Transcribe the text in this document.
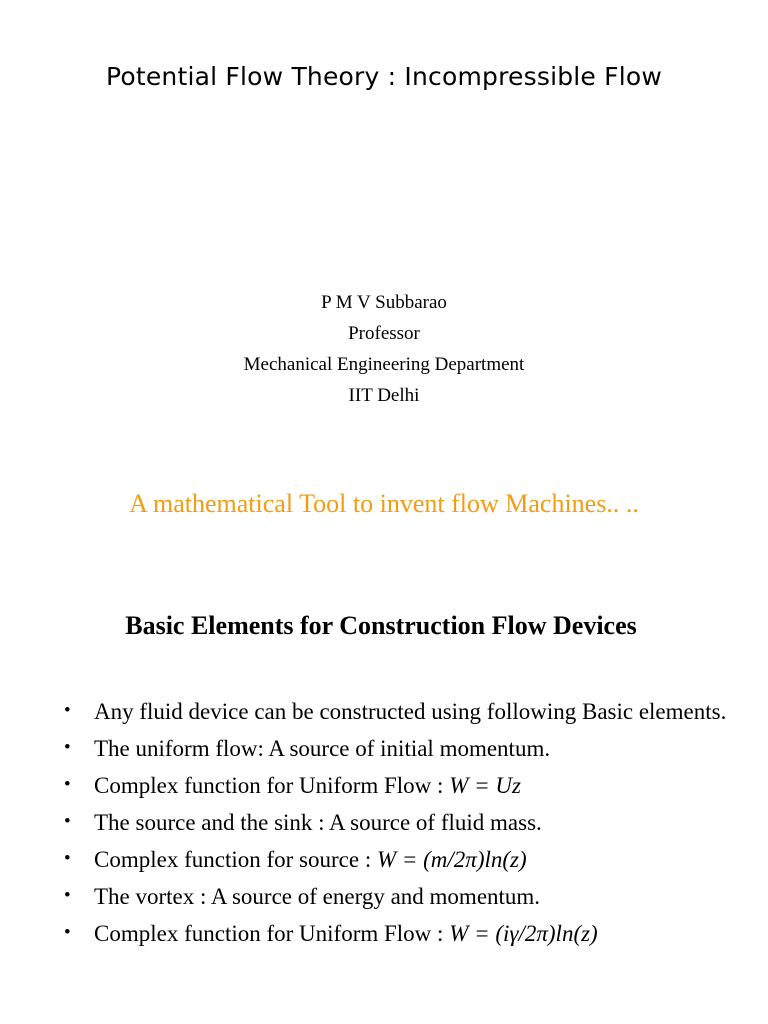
Potential Flow Theory : Incompressible Flow
P M V Subbarao
Professor
Mechanical Engineering Department
IIT Delhi
A mathematical Tool to invent flow Machines.. ..
Basic Elements for Construction Flow Devices
• Any fluid device can be constructed using following Basic elements.
• The uniform flow: A source of initial momentum.
• Complex function for Uniform Flow : W = Uz
• The source and the sink : A source of fluid mass.
• Complex function for source : W = (m/2π)ln(z)
• The vortex : A source of energy and momentum.
• Complex function for Uniform Flow : W = (iγ/2π)ln(z)
